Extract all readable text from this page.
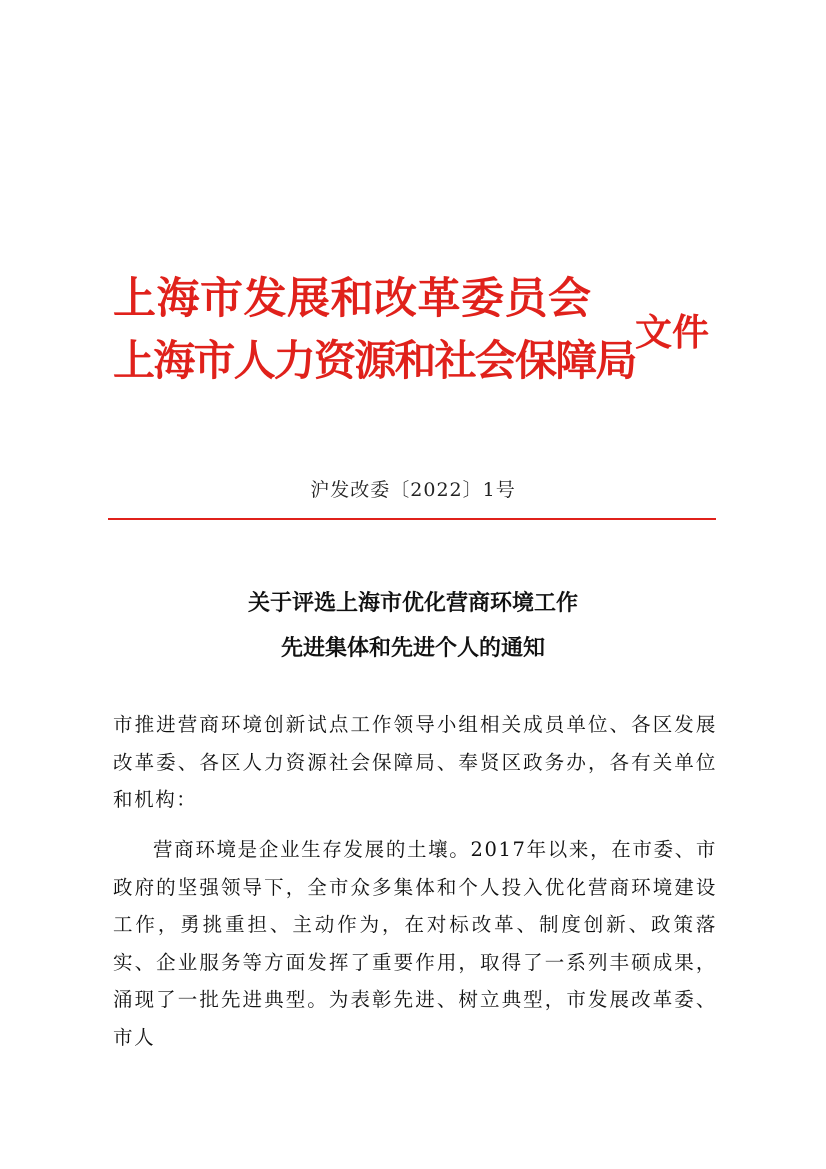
上海市发展和改革委员会
上海市人力资源和社会保障局
文件
沪发改委〔2022〕1号
关于评选上海市优化营商环境工作
先进集体和先进个人的通知
市推进营商环境创新试点工作领导小组相关成员单位、各区发展改革委、各区人力资源社会保障局、奉贤区政务办，各有关单位和机构：
营商环境是企业生存发展的土壤。2017年以来，在市委、市政府的坚强领导下，全市众多集体和个人投入优化营商环境建设工作，勇挑重担、主动作为，在对标改革、制度创新、政策落实、企业服务等方面发挥了重要作用，取得了一系列丰硕成果，涌现了一批先进典型。为表彰先进、树立典型，市发展改革委、市人
